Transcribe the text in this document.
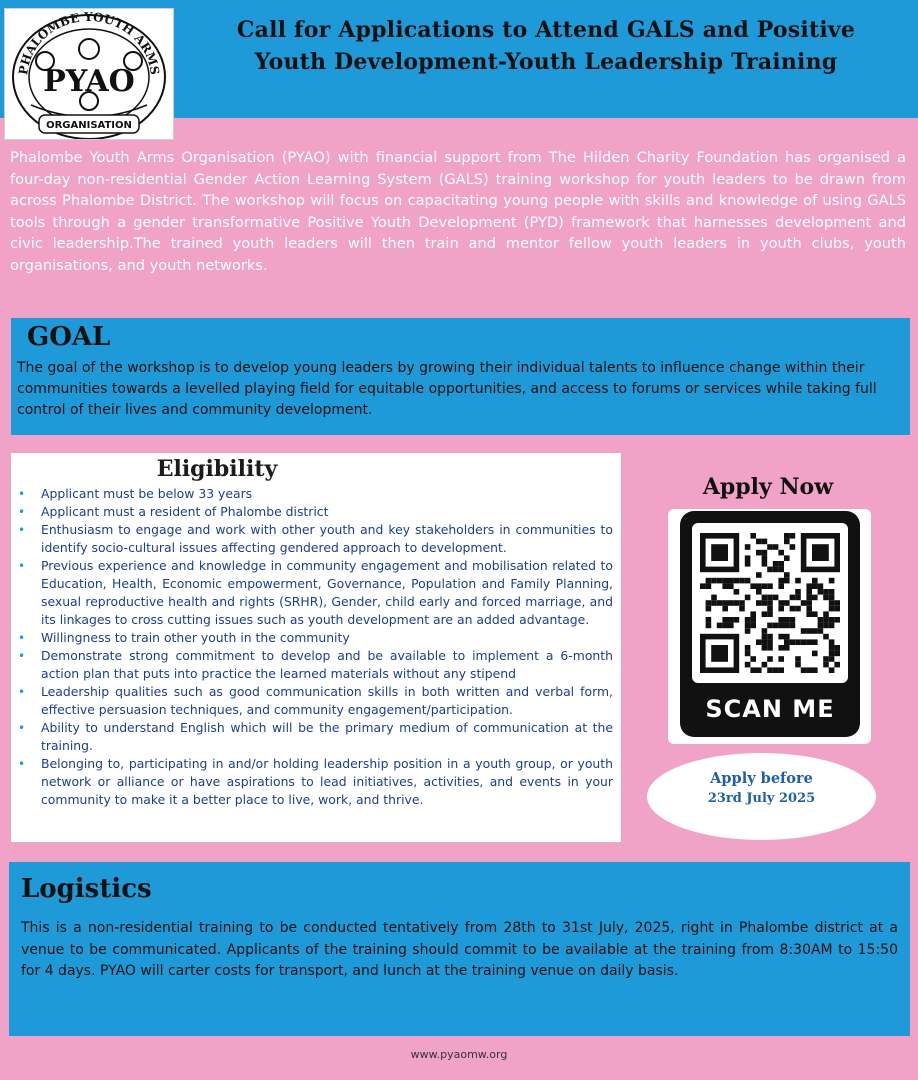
PHALOMBE YOUTH ARMS
PYAO
ORGANISATION
Call for Applications to Attend GALS and Positive
Youth Development-Youth Leadership Training

Phalombe Youth Arms Organisation (PYAO) with financial support from The Hilden Charity Foundation has organised a four-day non-residential Gender Action Learning System (GALS) training workshop for youth leaders to be drawn from across Phalombe District. The workshop will focus on capacitating young people with skills and knowledge of using GALS tools through a gender transformative Positive Youth Development (PYD) framework that harnesses development and civic leadership.The trained youth leaders will then train and mentor fellow youth leaders in youth clubs, youth organisations, and youth networks.

GOAL

The goal of the workshop is to develop young leaders by growing their individual talents to influence change within their communities towards a levelled playing field for equitable opportunities, and access to forums or services while taking full control of their lives and community development.

Eligibility
• Applicant must be below 33 years
• Applicant must a resident of Phalombe district
• Enthusiasm to engage and work with other youth and key stakeholders in communities to identify socio-cultural issues affecting gendered approach to development.
• Previous experience and knowledge in community engagement and mobilisation related to Education, Health, Economic empowerment, Governance, Population and Family Planning, sexual reproductive health and rights (SRHR), Gender, child early and forced marriage, and its linkages to cross cutting issues such as youth development are an added advantage.
• Willingness to train other youth in the community
• Demonstrate strong commitment to develop and be available to implement a 6-month action plan that puts into practice the learned materials without any stipend
• Leadership qualities such as good communication skills in both written and verbal form, effective persuasion techniques, and community engagement/participation.
• Ability to understand English which will be the primary medium of communication at the training.
• Belonging to, participating in and/or holding leadership position in a youth group, or youth network or alliance or have aspirations to lead initiatives, activities, and events in your community to make it a better place to live, work, and thrive.
Apply Now
SCAN ME
Apply before
23rd July 2025
Logistics

This is a non-residential training to be conducted tentatively from 28th to 31st July, 2025, right in Phalombe district at a venue to be communicated. Applicants of the training should commit to be available at the training from 8:30AM to 15:50 for 4 days. PYAO will carter costs for transport, and lunch at the training venue on daily basis.

www.pyaomw.org
